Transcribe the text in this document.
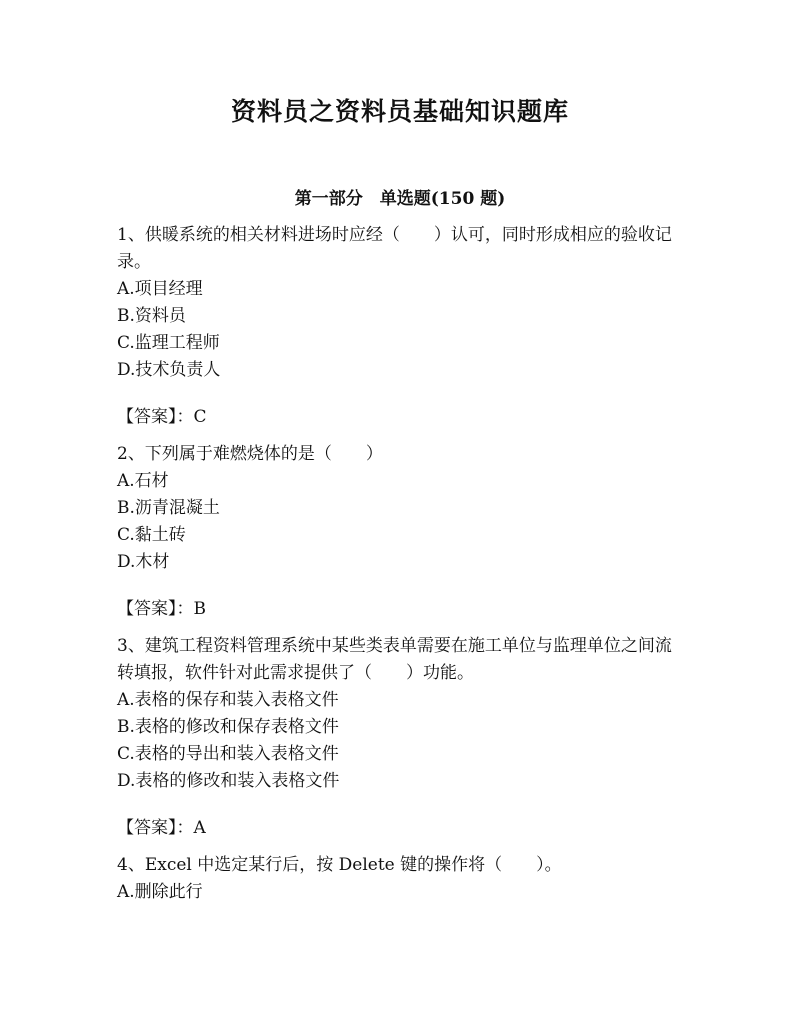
资料员之资料员基础知识题库
第一部分　单选题(150 题)

1、供暖系统的相关材料进场时应经（　　）认可，同时形成相应的验收记录。

A.项目经理

B.资料员

C.监理工程师

D.技术负责人

【答案】：C

2、下列属于难燃烧体的是（　　）

A.石材

B.沥青混凝土

C.黏土砖

D.木材

【答案】：B

3、建筑工程资料管理系统中某些类表单需要在施工单位与监理单位之间流转填报，软件针对此需求提供了（　　）功能。

A.表格的保存和装入表格文件

B.表格的修改和保存表格文件

C.表格的导出和装入表格文件

D.表格的修改和装入表格文件

【答案】：A

4、Excel 中选定某行后，按 Delete 键的操作将（　　）。

A.删除此行
